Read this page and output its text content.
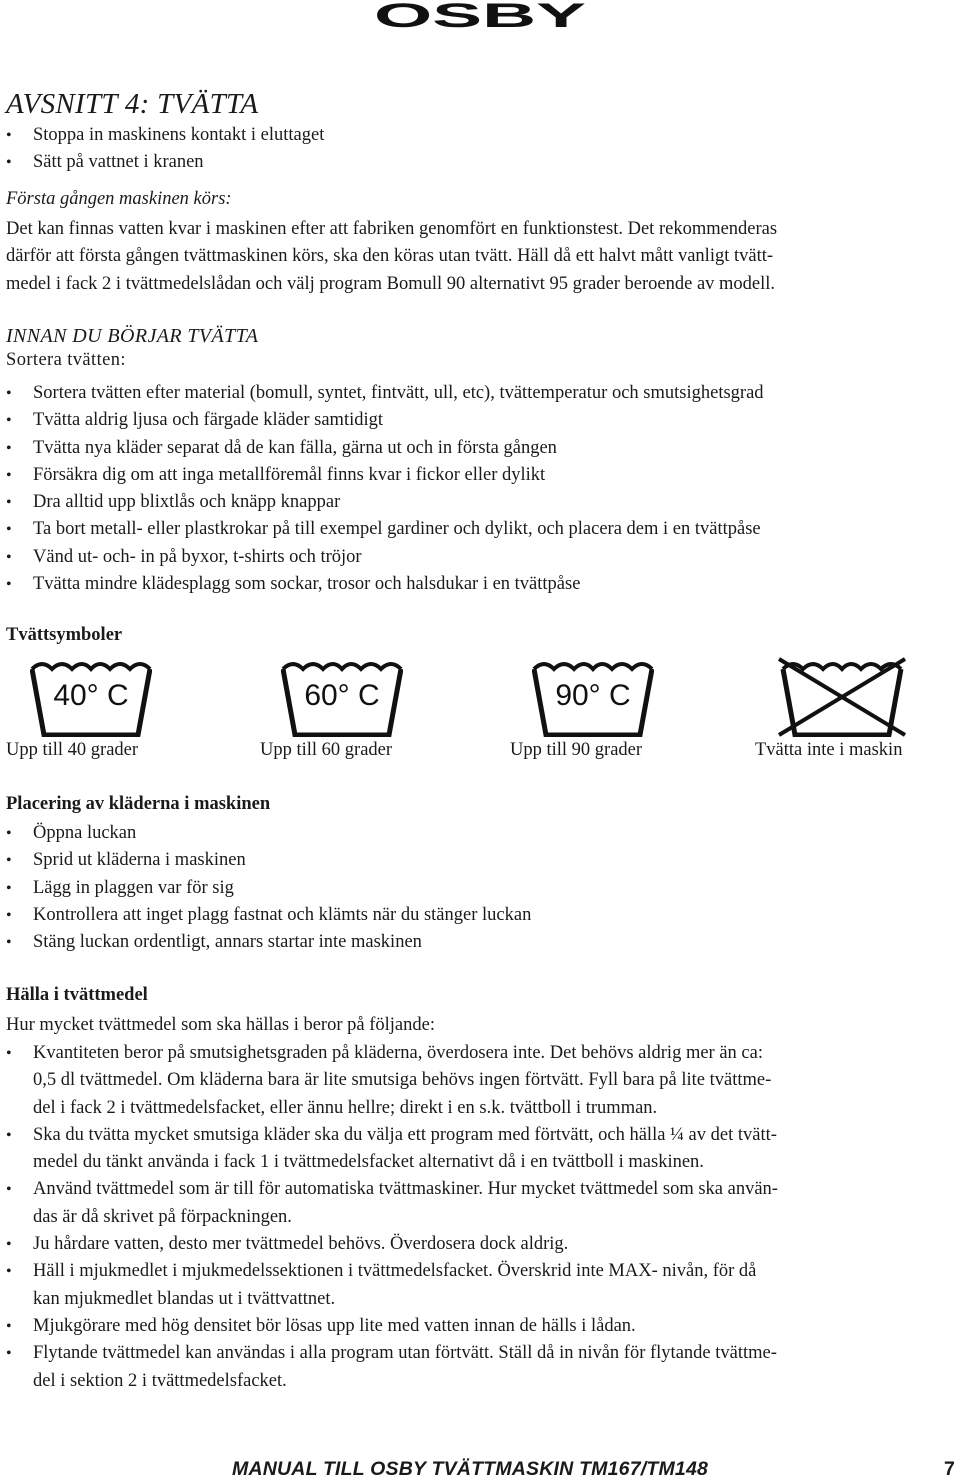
OSBY
AVSNITT 4: TVÄTTA
• Stoppa in maskinens kontakt i eluttaget
• Sätt på vattnet i kranen
Första gången maskinen körs:
Det kan finnas vatten kvar i maskinen efter att fabriken genomfört en funktionstest. Det rekommenderas
därför att första gången tvättmaskinen körs, ska den köras utan tvätt. Häll då ett halvt mått vanligt tvätt-
medel i fack 2 i tvättmedelslådan och välj program Bomull 90 alternativt 95 grader beroende av modell.
INNAN DU BÖRJAR TVÄTTA
Sortera tvätten:
• Sortera tvätten efter material (bomull, syntet, fintvätt, ull, etc), tvättemperatur och smutsighetsgrad
• Tvätta aldrig ljusa och färgade kläder samtidigt
• Tvätta nya kläder separat då de kan fälla, gärna ut och in första gången
• Försäkra dig om att inga metallföremål finns kvar i fickor eller dylikt
• Dra alltid upp blixtlås och knäpp knappar
• Ta bort metall- eller plastkrokar på till exempel gardiner och dylikt, och placera dem i en tvättpåse
• Vänd ut- och- in på byxor, t-shirts och tröjor
• Tvätta mindre klädesplagg som sockar, trosor och halsdukar i en tvättpåse
Tvättsymboler
40° C	60° C	90° C
Upp till 40 grader	Upp till 60 grader	Upp till 90 grader	Tvätta inte i maskin
Placering av kläderna i maskinen
• Öppna luckan
• Sprid ut kläderna i maskinen
• Lägg in plaggen var för sig
• Kontrollera att inget plagg fastnat och klämts när du stänger luckan
• Stäng luckan ordentligt, annars startar inte maskinen
Hälla i tvättmedel
Hur mycket tvättmedel som ska hällas i beror på följande:
• Kvantiteten beror på smutsighetsgraden på kläderna, överdosera inte. Det behövs aldrig mer än ca:
0,5 dl tvättmedel. Om kläderna bara är lite smutsiga behövs ingen förtvätt. Fyll bara på lite tvättme-
del i fack 2 i tvättmedelsfacket, eller ännu hellre; direkt i en s.k. tvättboll i trumman.
• Ska du tvätta mycket smutsiga kläder ska du välja ett program med förtvätt, och hälla ¼ av det tvätt-
medel du tänkt använda i fack 1 i tvättmedelsfacket alternativt då i en tvättboll i maskinen.
• Använd tvättmedel som är till för automatiska tvättmaskiner. Hur mycket tvättmedel som ska använ-
das är då skrivet på förpackningen.
• Ju hårdare vatten, desto mer tvättmedel behövs. Överdosera dock aldrig.
• Häll i mjukmedlet i mjukmedelssektionen i tvättmedelsfacket. Överskrid inte MAX- nivån, för då
kan mjukmedlet blandas ut i tvättvattnet.
• Mjukgörare med hög densitet bör lösas upp lite med vatten innan de hälls i lådan.
• Flytande tvättmedel kan användas i alla program utan förtvätt. Ställ då in nivån för flytande tvättme-
del i sektion 2 i tvättmedelsfacket.
MANUAL TILL OSBY TVÄTTMASKIN TM167/TM148	7
